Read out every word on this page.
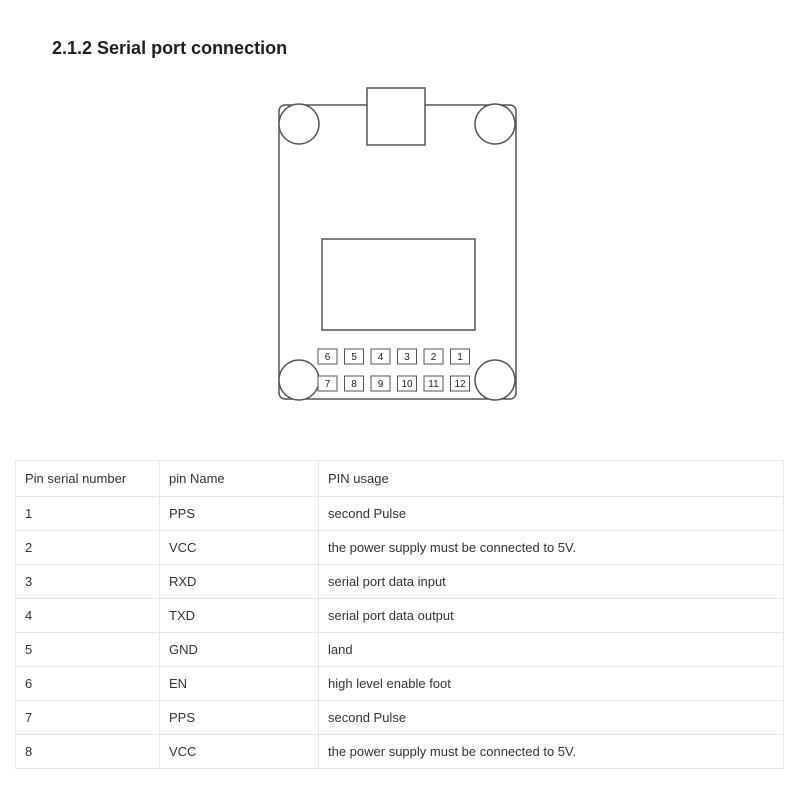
2.1.2 Serial port connection
6 5 4 3 2 1
7 8 9 10 11 12
Pin serial number	pin Name	PIN usage
1	PPS	second Pulse
2	VCC	the power supply must be connected to 5V.
3	RXD	serial port data input
4	TXD	serial port data output
5	GND	land
6	EN	high level enable foot
7	PPS	second Pulse
8	VCC	the power supply must be connected to 5V.
